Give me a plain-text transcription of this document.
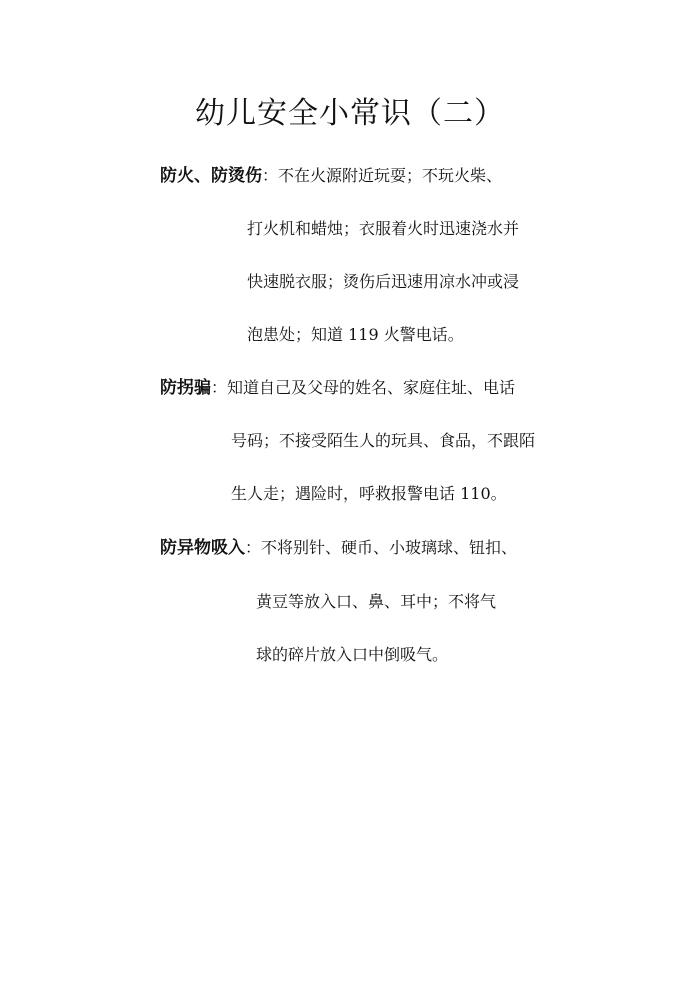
幼儿安全小常识（二）
防火、防烫伤：不在火源附近玩耍；不玩火柴、
打火机和蜡烛；衣服着火时迅速浇水并
快速脱衣服；烫伤后迅速用凉水冲或浸
泡患处；知道 119 火警电话。
防拐骗：知道自己及父母的姓名、家庭住址、电话
号码；不接受陌生人的玩具、食品，不跟陌
生人走；遇险时，呼救报警电话 110。
防异物吸入：不将别针、硬币、小玻璃球、钮扣、
黄豆等放入口、鼻、耳中；不将气
球的碎片放入口中倒吸气。
